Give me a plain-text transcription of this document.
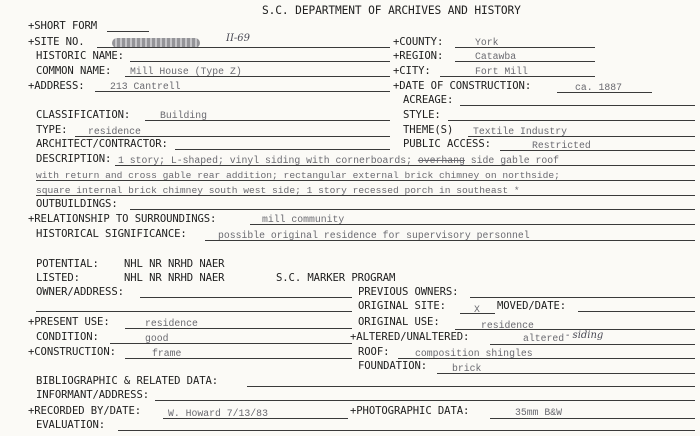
S.C. DEPARTMENT OF ARCHIVES AND HISTORY
+SHORT FORM
+SITE NO.	II-69	+COUNTY:	York
HISTORIC NAME:	+REGION:	Catawba
COMMON NAME: Mill House (Type Z)	+CITY:	Fort Mill
+ADDRESS:	213 Cantrell	+DATE OF CONSTRUCTION:	ca. 1887
ACREAGE:
CLASSIFICATION:	Building	STYLE:
TYPE: residence	THEME(S) Textile Industry
ARCHITECT/CONTRACTOR:	PUBLIC ACCESS:	Restricted
DESCRIPTION: 1 story; L-shaped; vinyl siding with cornerboards; overhang side gable roof
with return and cross gable rear addition; rectangular external brick chimney on northside;
square internal brick chimney south west side; 1 story recessed porch in southeast *
OUTBUILDINGS:
+RELATIONSHIP TO SURROUNDINGS:	mill community
HISTORICAL SIGNIFICANCE:	possible original residence for supervisory personnel
POTENTIAL: NHL NR NRHD NAER
LISTED:	NHL NR NRHD NAER	S.C. MARKER PROGRAM
OWNER/ADDRESS:	PREVIOUS OWNERS:
ORIGINAL SITE:	X MOVED/DATE:
+PRESENT USE:	residence	ORIGINAL USE:	residence
CONDITION:	good	+ALTERED/UNALTERED:	altered - siding
+CONSTRUCTION:	frame	ROOF:	composition shingles
FOUNDATION:	brick
BIBLIOGRAPHIC & RELATED DATA:
INFORMANT/ADDRESS:
+RECORDED BY/DATE:	W. Howard 7/13/83	+PHOTOGRAPHIC DATA:	35mm B&W
EVALUATION:
